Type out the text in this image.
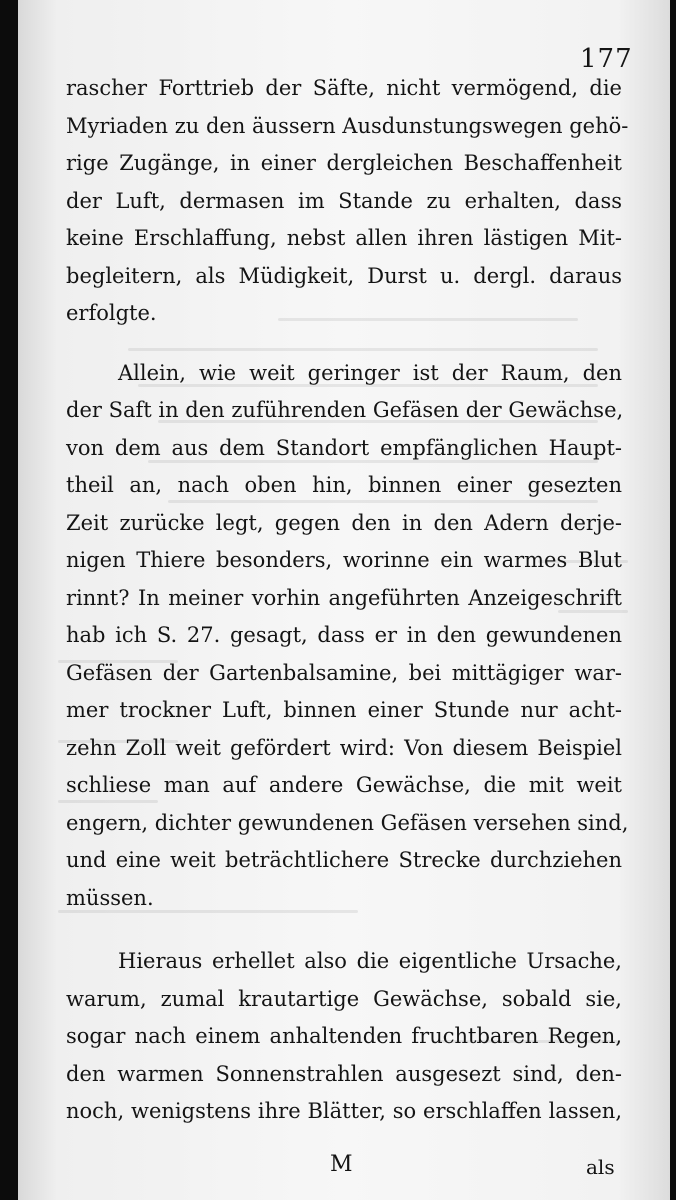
177
rascher Forttrieb der Säfte, nicht vermögend, die
Myriaden zu den äussern Ausdunstungswegen gehö-
rige Zugänge, in einer dergleichen Beschaffenheit
der Luft, dermasen im Stande zu erhalten, dass
keine Erschlaffung, nebst allen ihren lästigen Mit-
begleitern, als Müdigkeit, Durst u. dergl. daraus
erfolgte.
Allein, wie weit geringer ist der Raum, den
der Saft in den zuführenden Gefäsen der Gewächse,
von dem aus dem Standort empfänglichen Haupt-
theil an, nach oben hin, binnen einer gesezten
Zeit zurücke legt, gegen den in den Adern derje-
nigen Thiere besonders, worinne ein warmes Blut
rinnt? In meiner vorhin angeführten Anzeigeschrift
hab ich S. 27. gesagt, dass er in den gewundenen
Gefäsen der Gartenbalsamine, bei mittägiger war-
mer trockner Luft, binnen einer Stunde nur acht-
zehn Zoll weit gefördert wird: Von diesem Beispiel
schliese man auf andere Gewächse, die mit weit
engern, dichter gewundenen Gefäsen versehen sind,
und eine weit beträchtlichere Strecke durchziehen
müssen.
Hieraus erhellet also die eigentliche Ursache,
warum, zumal krautartige Gewächse, sobald sie,
sogar nach einem anhaltenden fruchtbaren Regen,
den warmen Sonnenstrahlen ausgesezt sind, den-
noch, wenigstens ihre Blätter, so erschlaffen lassen,
M	als
